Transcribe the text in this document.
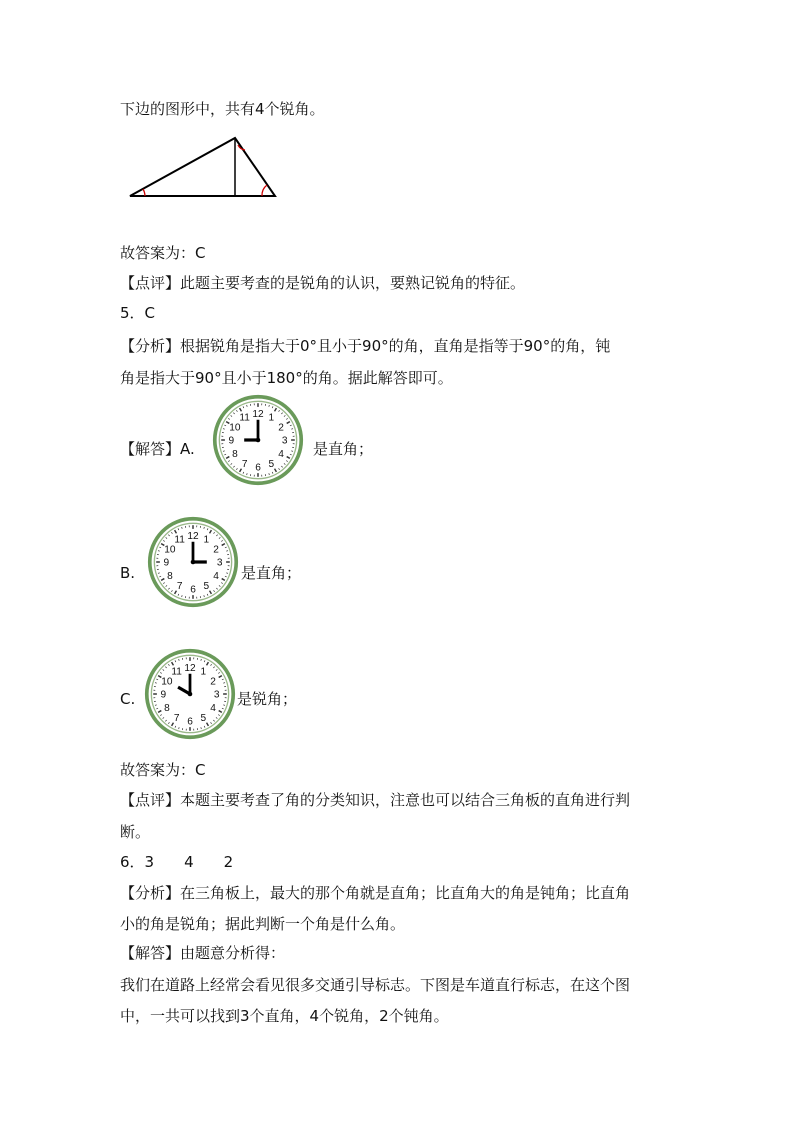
下边的图形中，共有4个锐角。
故答案为：C
【点评】此题主要考查的是锐角的认识，要熟记锐角的特征。
5．C
【分析】根据锐角是指大于0°且小于90°的角，直角是指等于90°的角，钝
角是指大于90°且小于180°的角。据此解答即可。
【解答】A.
12 1
2
3
4
5
6
7
8
9
10
11
是直角；
B.
12 1
2
3
4
5
6
7
8
9
10
11
是直角；
C.
12 1
2
3
4
5
6
7
8
9
10
11
是锐角；
故答案为：C
【点评】本题主要考查了角的分类知识，注意也可以结合三角板的直角进行判
断。
6．3　　4　　2
【分析】在三角板上，最大的那个角就是直角；比直角大的角是钝角；比直角
小的角是锐角；据此判断一个角是什么角。
【解答】由题意分析得：
我们在道路上经常会看见很多交通引导标志。下图是车道直行标志，在这个图
中，一共可以找到3个直角，4个锐角，2个钝角。
